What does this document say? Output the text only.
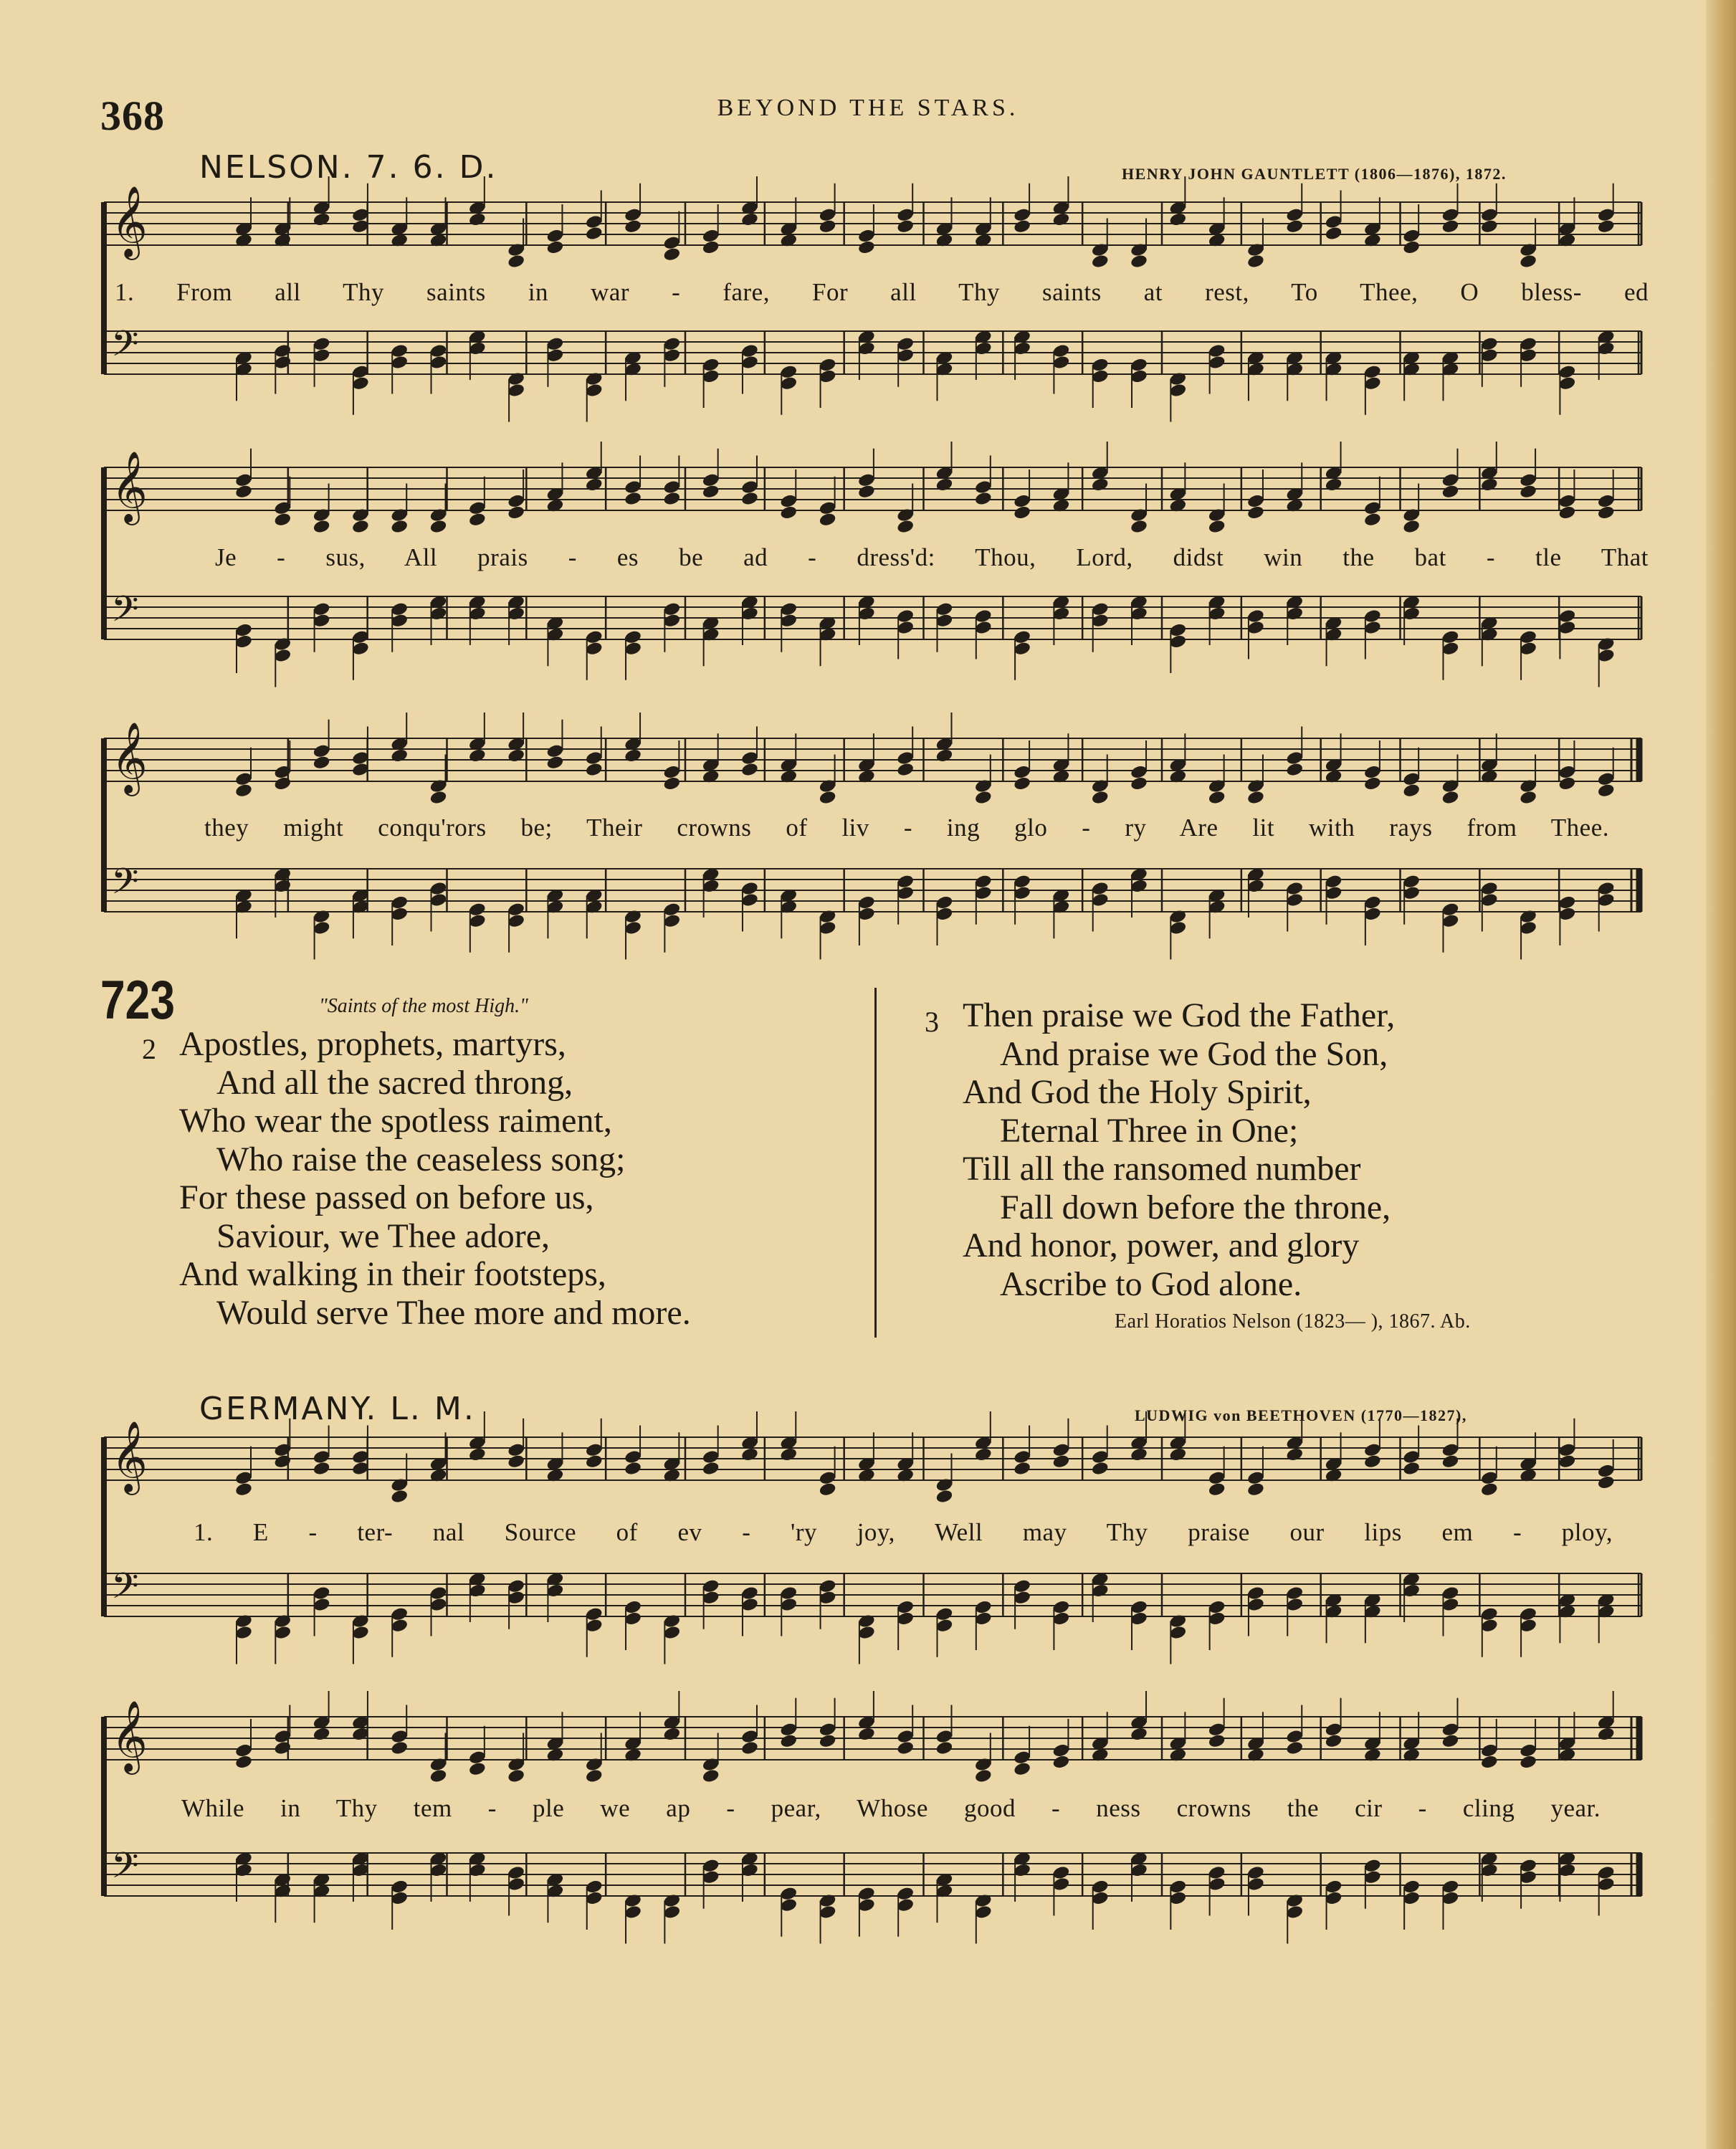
368	BEYOND THE STARS.
NELSON. 7. 6. D.	HENRY JOHN GAUNTLETT (1806—1876), 1872.
𝄞
𝄢
𝄞
𝄢
𝄞
𝄢
𝄞
𝄢
𝄞
𝄢
1. From all Thy saints in war - fare, For all Thy saints at rest, To Thee, O bless- ed
Je - sus, All prais - es be ad - dress'd: Thou, Lord, didst win the bat - tle That
they might conqu'rors be; Their crowns of liv - ing glo - ry Are lit with rays from Thee.
723	"Saints of the most High."
2 Apostles, prophets, martyrs,
And all the sacred throng,
Who wear the spotless raiment,
Who raise the ceaseless song;
For these passed on before us,
Saviour, we Thee adore,
And walking in their footsteps,
Would serve Thee more and more.
3 Then praise we God the Father,
And praise we God the Son,
And God the Holy Spirit,
Eternal Three in One;
Till all the ransomed number
Fall down before the throne,
And honor, power, and glory
Ascribe to God alone.
Earl Horatios Nelson (1823— ), 1867. Ab.
GERMANY. L. M.	LUDWIG von BEETHOVEN (1770—1827),
1. E - ter- nal Source of ev - 'ry joy, Well may Thy praise our lips em - ploy,
While in Thy tem - ple we ap - pear, Whose good - ness crowns the cir - cling year.
